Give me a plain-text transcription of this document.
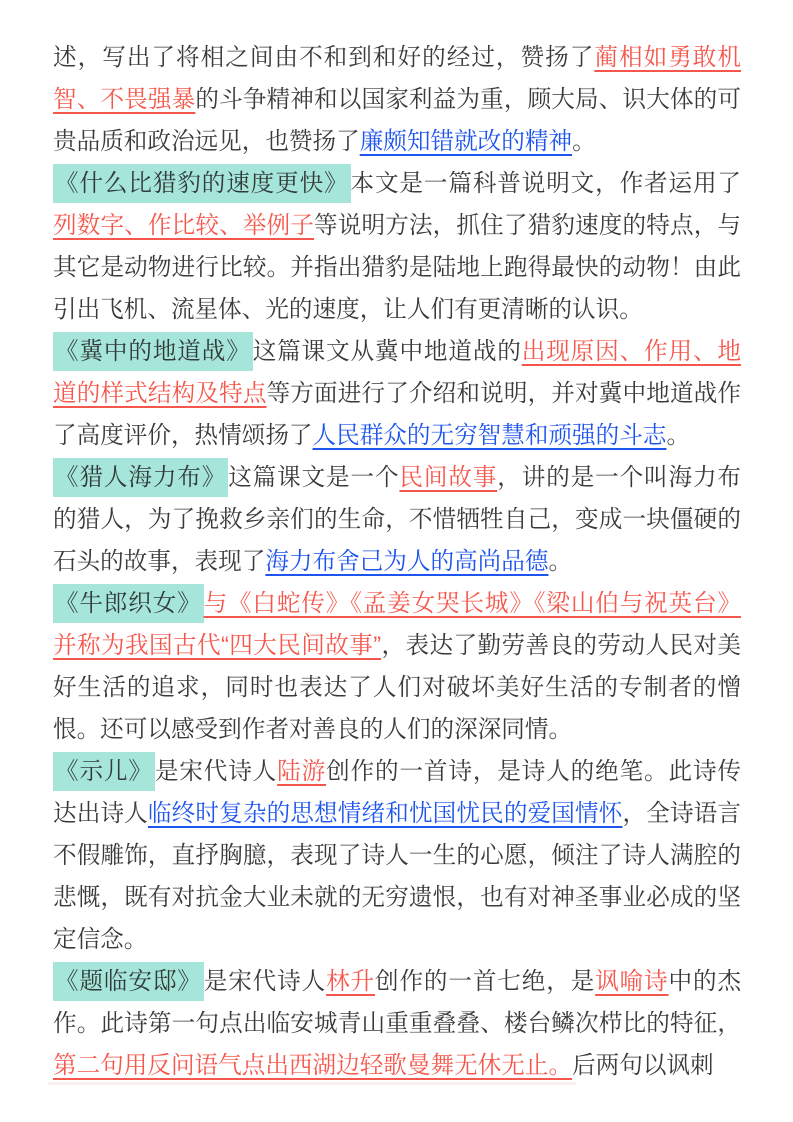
述，写出了将相之间由不和到和好的经过，赞扬了蔺相如勇敢机智、不畏强暴的斗争精神和以国家利益为重，顾大局、识大体的可贵品质和政治远见，也赞扬了廉颇知错就改的精神。

《什么比猎豹的速度更快》本文是一篇科普说明文，作者运用了列数字、作比较、举例子等说明方法，抓住了猎豹速度的特点，与其它是动物进行比较。并指出猎豹是陆地上跑得最快的动物！由此引出飞机、流星体、光的速度，让人们有更清晰的认识。

《冀中的地道战》这篇课文从冀中地道战的出现原因、作用、地道的样式结构及特点等方面进行了介绍和说明，并对冀中地道战作了高度评价，热情颂扬了人民群众的无穷智慧和顽强的斗志。

《猎人海力布》这篇课文是一个民间故事，讲的是一个叫海力布的猎人，为了挽救乡亲们的生命，不惜牺牲自己，变成一块僵硬的石头的故事，表现了海力布舍己为人的高尚品德。

《牛郎织女》与《白蛇传》《孟姜女哭长城》《梁山伯与祝英台》并称为我国古代“四大民间故事”，表达了勤劳善良的劳动人民对美好生活的追求，同时也表达了人们对破坏美好生活的专制者的憎恨。还可以感受到作者对善良的人们的深深同情。

《示儿》是宋代诗人陆游创作的一首诗，是诗人的绝笔。此诗传达出诗人临终时复杂的思想情绪和忧国忧民的爱国情怀，全诗语言不假雕饰，直抒胸臆，表现了诗人一生的心愿，倾注了诗人满腔的悲慨，既有对抗金大业未就的无穷遗恨，也有对神圣事业必成的坚定信念。

《题临安邸》是宋代诗人林升创作的一首七绝，是讽喻诗中的杰作。此诗第一句点出临安城青山重重叠叠、楼台鳞次栉比的特征，第二句用反问语气点出西湖边轻歌曼舞无休无止。后两句以讽刺
